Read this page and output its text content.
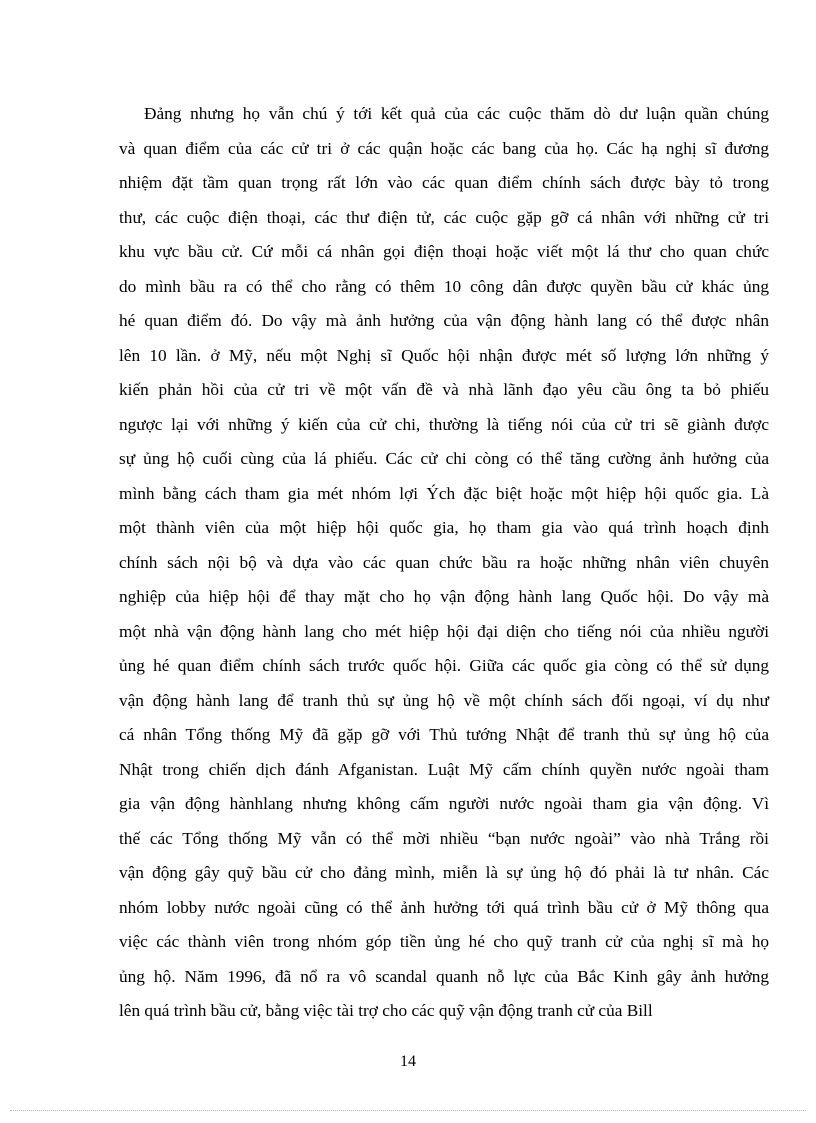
Đảng nhưng họ vẫn chú ý tới kết quả của các cuộc thăm dò dư luận quần chúng
và quan điểm của các cử tri ở các quận hoặc các bang của họ. Các hạ nghị sĩ đương
nhiệm đặt tầm quan trọng rất lớn vào các quan điểm chính sách được bày tỏ trong
thư, các cuộc điện thoại, các thư điện tử, các cuộc gặp gỡ cá nhân với những cử tri
khu vực bầu cử. Cứ mỗi cá nhân gọi điện thoại hoặc viết một lá thư cho quan chức
do mình bầu ra có thể cho rằng có thêm 10 công dân được quyền bầu cử khác ủng
hé quan điểm đó. Do vậy mà ảnh hưởng của vận động hành lang có thể được nhân
lên 10 lần. ở Mỹ, nếu một Nghị sĩ Quốc hội nhận được mét số lượng lớn những ý
kiến phản hồi của cử tri về một vấn đề và nhà lãnh đạo yêu cầu ông ta bỏ phiếu
ngược lại với những ý kiến của cử chi, thường là tiếng nói của cử tri sẽ giành được
sự ủng hộ cuối cùng của lá phiếu. Các cử chi còng có thể tăng cường ảnh hưởng của
mình bằng cách tham gia mét nhóm lợi Ých đặc biệt hoặc một hiệp hội quốc gia. Là
một thành viên của một hiệp hội quốc gia, họ tham gia vào quá trình hoạch định
chính sách nội bộ và dựa vào các quan chức bầu ra hoặc những nhân viên chuyên
nghiệp của hiệp hội để thay mặt cho họ vận động hành lang Quốc hội. Do vậy mà
một nhà vận động hành lang cho mét hiệp hội đại diện cho tiếng nói của nhiều người
ủng hé quan điểm chính sách trước quốc hội. Giữa các quốc gia còng có thể sử dụng
vận động hành lang để tranh thủ sự ủng hộ về một chính sách đối ngoại, ví dụ như
cá nhân Tổng thống Mỹ đã gặp gỡ với Thủ tướng Nhật để tranh thủ sự ủng hộ của
Nhật trong chiến dịch đánh Afganistan. Luật Mỹ cấm chính quyền nước ngoài tham
gia vận động hànhlang nhưng không cấm người nước ngoài tham gia vận động. Vì
thế các Tổng thống Mỹ vẫn có thể mời nhiều “bạn nước ngoài” vào nhà Trắng rồi
vận động gây quỹ bầu cử cho đảng mình, miễn là sự ủng hộ đó phải là tư nhân. Các
nhóm lobby nước ngoài cũng có thể ảnh hưởng tới quá trình bầu cử ở Mỹ thông qua
việc các thành viên trong nhóm góp tiền ủng hé cho quỹ tranh cử của nghị sĩ mà họ
ủng hộ. Năm 1996, đã nổ ra vô scandal quanh nỗ lực của Bắc Kinh gây ảnh hưởng
lên quá trình bầu cử, bằng việc tài trợ cho các quỹ vận động tranh cử của Bill
14
